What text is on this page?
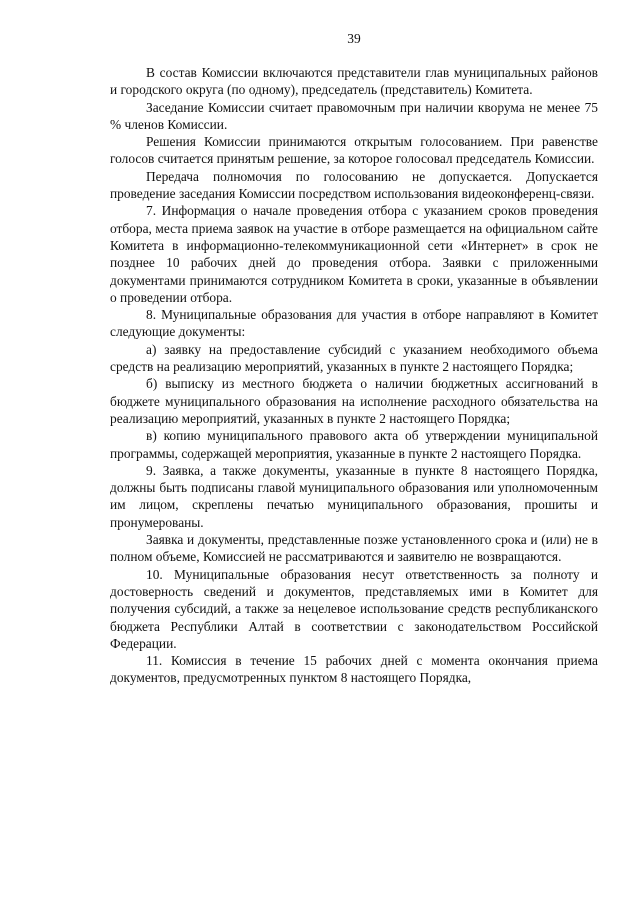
39

В состав Комиссии включаются представители глав муниципальных районов и городского округа (по одному), председатель (представитель) Комитета.

Заседание Комиссии считает правомочным при наличии кворума не менее 75 % членов Комиссии.

Решения Комиссии принимаются открытым голосованием. При равенстве голосов считается принятым решение, за которое голосовал председатель Комиссии.

Передача полномочия по голосованию не допускается. Допускается проведение заседания Комиссии посредством использования видеоконференц-связи.

7. Информация о начале проведения отбора с указанием сроков проведения отбора, места приема заявок на участие в отборе размещается на официальном сайте Комитета в информационно-телекоммуникационной сети «Интернет» в срок не позднее 10 рабочих дней до проведения отбора. Заявки с приложенными документами принимаются сотрудником Комитета в сроки, указанные в объявлении о проведении отбора.

8. Муниципальные образования для участия в отборе направляют в Комитет следующие документы:

а) заявку на предоставление субсидий с указанием необходимого объема средств на реализацию мероприятий, указанных в пункте 2 настоящего Порядка;

б) выписку из местного бюджета о наличии бюджетных ассигнований в бюджете муниципального образования на исполнение расходного обязательства на реализацию мероприятий, указанных в пункте 2 настоящего Порядка;

в) копию муниципального правового акта об утверждении муниципальной программы, содержащей мероприятия, указанные в пункте 2 настоящего Порядка.

9. Заявка, а также документы, указанные в пункте 8 настоящего Порядка, должны быть подписаны главой муниципального образования или уполномоченным им лицом, скреплены печатью муниципального образования, прошиты и пронумерованы.

Заявка и документы, представленные позже установленного срока и (или) не в полном объеме, Комиссией не рассматриваются и заявителю не возвращаются.

10. Муниципальные образования несут ответственность за полноту и достоверность сведений и документов, представляемых ими в Комитет для получения субсидий, а также за нецелевое использование средств республиканского бюджета Республики Алтай в соответствии с законодательством Российской Федерации.

11. Комиссия в течение 15 рабочих дней с момента окончания приема документов, предусмотренных пунктом 8 настоящего Порядка,
